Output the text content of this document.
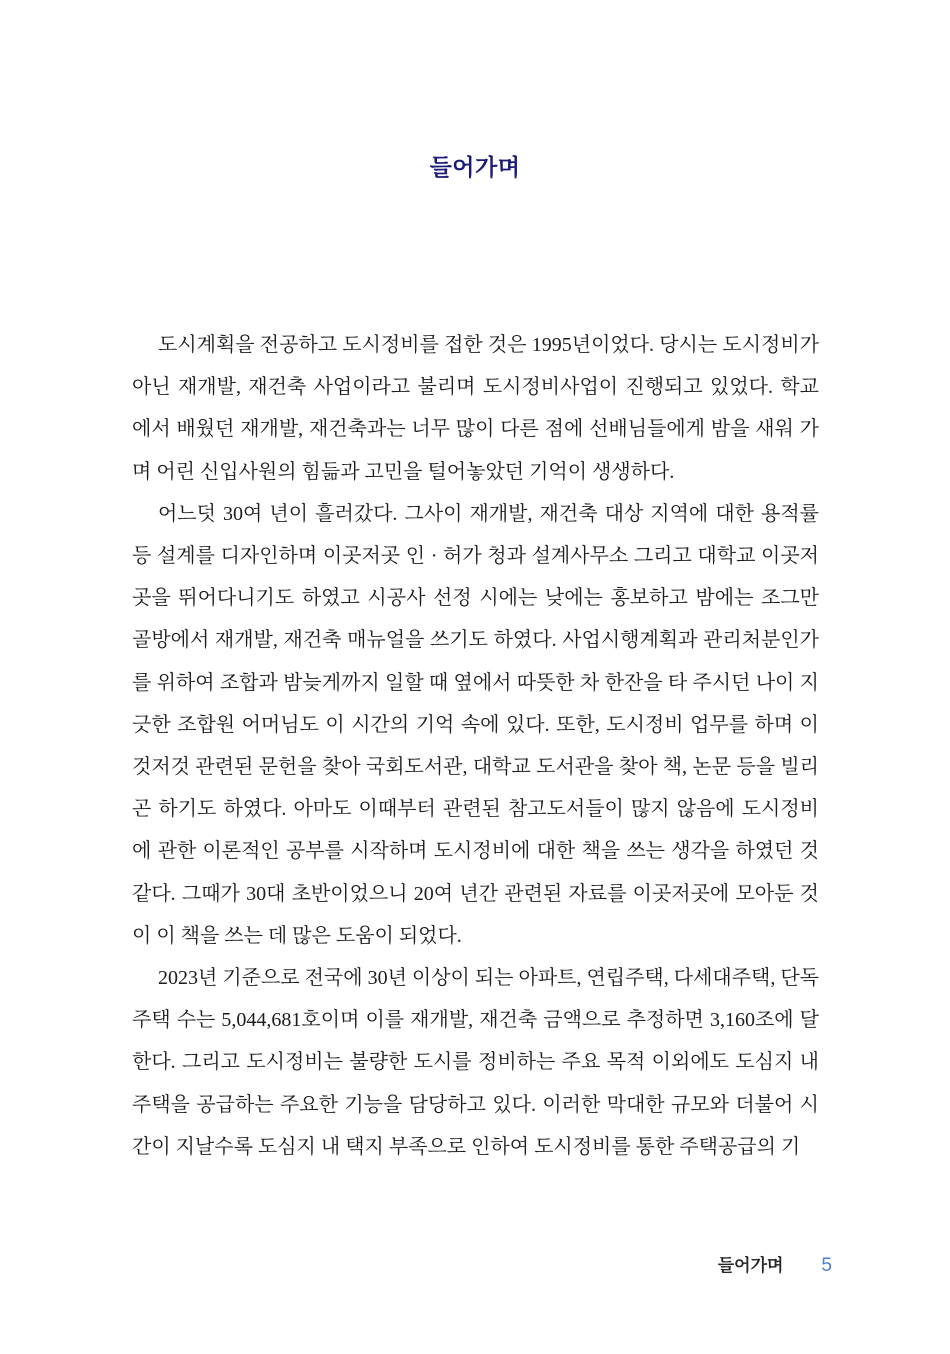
들어가며

도시계획을 전공하고 도시정비를 접한 것은 1995년이었다. 당시는 도시정비가 아닌 재개발, 재건축 사업이라고 불리며 도시정비사업이 진행되고 있었다. 학교에서 배웠던 재개발, 재건축과는 너무 많이 다른 점에 선배님들에게 밤을 새워 가며 어린 신입사원의 힘듦과 고민을 털어놓았던 기억이 생생하다.

어느덧 30여 년이 흘러갔다. 그사이 재개발, 재건축 대상 지역에 대한 용적률 등 설계를 디자인하며 이곳저곳 인 · 허가 청과 설계사무소 그리고 대학교 이곳저곳을 뛰어다니기도 하였고 시공사 선정 시에는 낮에는 홍보하고 밤에는 조그만 골방에서 재개발, 재건축 매뉴얼을 쓰기도 하였다. 사업시행계획과 관리처분인가를 위하여 조합과 밤늦게까지 일할 때 옆에서 따뜻한 차 한잔을 타 주시던 나이 지긋한 조합원 어머님도 이 시간의 기억 속에 있다. 또한, 도시정비 업무를 하며 이것저것 관련된 문헌을 찾아 국회도서관, 대학교 도서관을 찾아 책, 논문 등을 빌리곤 하기도 하였다. 아마도 이때부터 관련된 참고도서들이 많지 않음에 도시정비에 관한 이론적인 공부를 시작하며 도시정비에 대한 책을 쓰는 생각을 하였던 것 같다. 그때가 30대 초반이었으니 20여 년간 관련된 자료를 이곳저곳에 모아둔 것이 이 책을 쓰는 데 많은 도움이 되었다.

2023년 기준으로 전국에 30년 이상이 되는 아파트, 연립주택, 다세대주택, 단독주택 수는 5,044,681호이며 이를 재개발, 재건축 금액으로 추정하면 3,160조에 달한다. 그리고 도시정비는 불량한 도시를 정비하는 주요 목적 이외에도 도심지 내 주택을 공급하는 주요한 기능을 담당하고 있다. 이러한 막대한 규모와 더불어 시간이 지날수록 도심지 내 택지 부족으로 인하여 도시정비를 통한 주택공급의 기

들어가며 5
